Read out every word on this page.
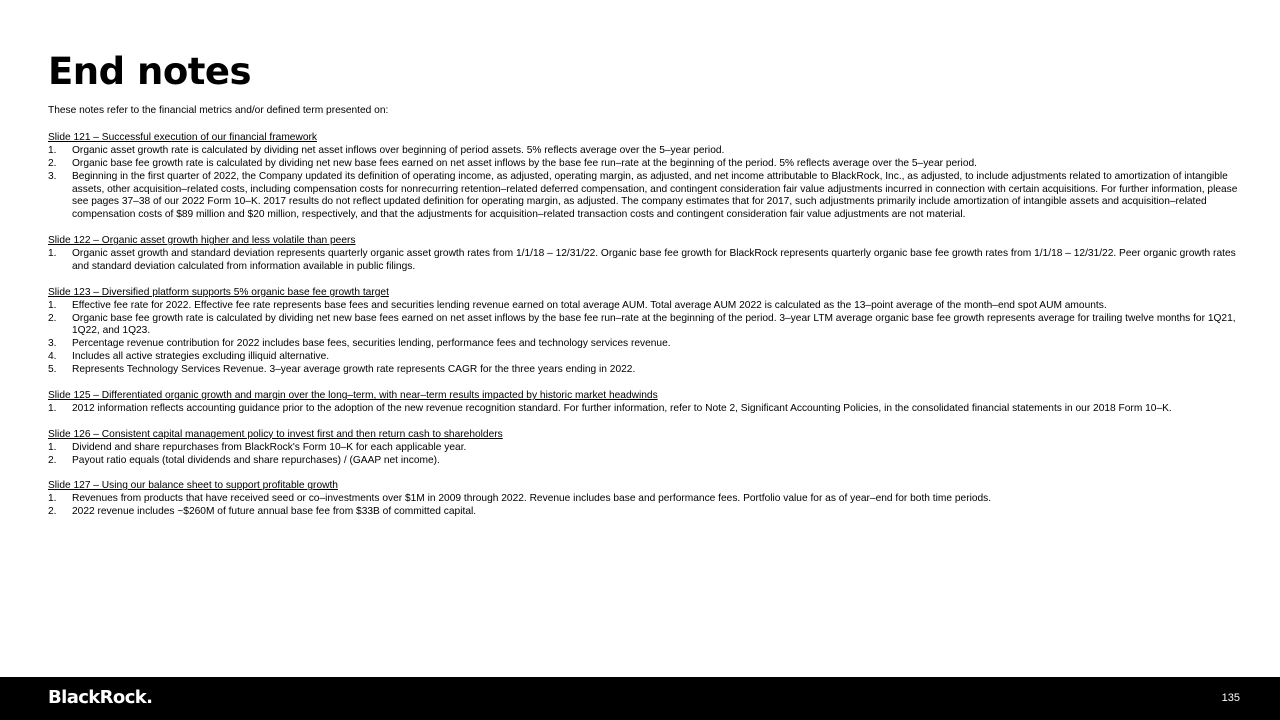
End notes

These notes refer to the financial metrics and/or defined term presented on:

Slide 121 – Successful execution of our financial framework
1.	Organic asset growth rate is calculated by dividing net asset inflows over beginning of period assets. 5% reflects average over the 5–year period.
2.	Organic base fee growth rate is calculated by dividing net new base fees earned on net asset inflows by the base fee run–rate at the beginning of the period. 5% reflects average over the 5–year period.
3.	Beginning in the first quarter of 2022, the Company updated its definition of operating income, as adjusted, operating margin, as adjusted, and net income attributable to BlackRock, Inc., as adjusted, to include adjustments related to amortization of intangible assets, other acquisition–related costs, including compensation costs for nonrecurring retention–related deferred compensation, and contingent consideration fair value adjustments incurred in connection with certain acquisitions. For further information, please see pages 37–38 of our 2022 Form 10–K. 2017 results do not reflect updated definition for operating margin, as adjusted. The company estimates that for 2017, such adjustments primarily include amortization of intangible assets and acquisition–related compensation costs of $89 million and $20 million, respectively, and that the adjustments for acquisition–related transaction costs and contingent consideration fair value adjustments are not material.
Slide 122 – Organic asset growth higher and less volatile than peers
1.	Organic asset growth and standard deviation represents quarterly organic asset growth rates from 1/1/18 – 12/31/22. Organic base fee growth for BlackRock represents quarterly organic base fee growth rates from 1/1/18 – 12/31/22. Peer organic growth rates and standard deviation calculated from information available in public filings.
Slide 123 – Diversified platform supports 5% organic base fee growth target
1.	Effective fee rate for 2022. Effective fee rate represents base fees and securities lending revenue earned on total average AUM. Total average AUM 2022 is calculated as the 13–point average of the month–end spot AUM amounts.
2.	Organic base fee growth rate is calculated by dividing net new base fees earned on net asset inflows by the base fee run–rate at the beginning of the period. 3–year LTM average organic base fee growth represents average for trailing twelve months for 1Q21, 1Q22, and 1Q23.
3.	Percentage revenue contribution for 2022 includes base fees, securities lending, performance fees and technology services revenue.
4.	Includes all active strategies excluding illiquid alternative.
5.	Represents Technology Services Revenue. 3–year average growth rate represents CAGR for the three years ending in 2022.
Slide 125 – Differentiated organic growth and margin over the long–term, with near–term results impacted by historic market headwinds
1.	2012 information reflects accounting guidance prior to the adoption of the new revenue recognition standard. For further information, refer to Note 2, Significant Accounting Policies, in the consolidated financial statements in our 2018 Form 10–K.
Slide 126 – Consistent capital management policy to invest first and then return cash to shareholders
1.	Dividend and share repurchases from BlackRock's Form 10–K for each applicable year.
2.	Payout ratio equals (total dividends and share repurchases) / (GAAP net income).
Slide 127 – Using our balance sheet to support profitable growth
1.	Revenues from products that have received seed or co–investments over $1M in 2009 through 2022. Revenue includes base and performance fees. Portfolio value for as of year–end for both time periods.
2.	2022 revenue includes ~$260M of future annual base fee from $33B of committed capital.
BlackRock.	135
